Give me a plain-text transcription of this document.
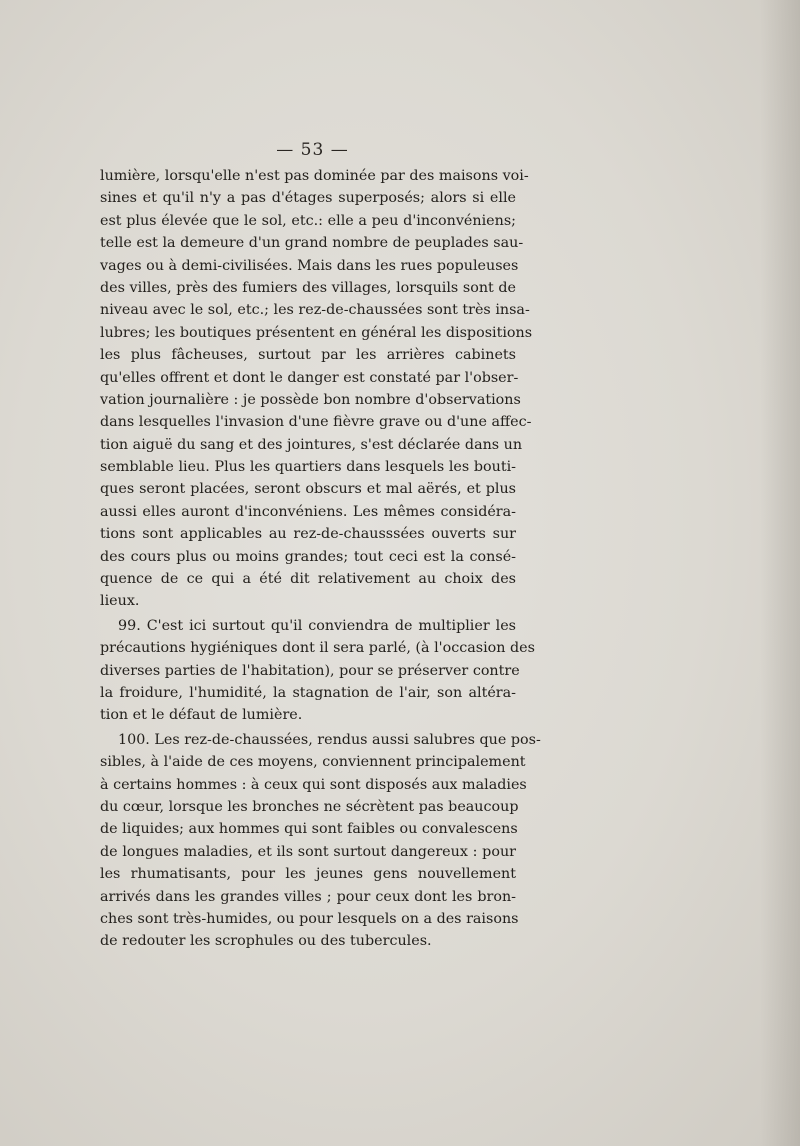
— 53 —
lumière, lorsqu'elle n'est pas dominée par des maisons voi-
sines et qu'il n'y a pas d'étages superposés; alors si elle
est plus élevée que le sol, etc.: elle a peu d'inconvéniens;
telle est la demeure d'un grand nombre de peuplades sau-
vages ou à demi-civilisées. Mais dans les rues populeuses
des villes, près des fumiers des villages, lorsquils sont de
niveau avec le sol, etc.; les rez-de-chaussées sont très insa-
lubres; les boutiques présentent en général les dispositions
les plus fâcheuses, surtout par les arrières cabinets
qu'elles offrent et dont le danger est constaté par l'obser-
vation journalière : je possède bon nombre d'observations
dans lesquelles l'invasion d'une fièvre grave ou d'une affec-
tion aiguë du sang et des jointures, s'est déclarée dans un
semblable lieu. Plus les quartiers dans lesquels les bouti-
ques seront placées, seront obscurs et mal aërés, et plus
aussi elles auront d'inconvéniens. Les mêmes considéra-
tions sont applicables au rez-de-chausssées ouverts sur
des cours plus ou moins grandes; tout ceci est la consé-
quence de ce qui a été dit relativement au choix des
lieux.
99. C'est ici surtout qu'il conviendra de multiplier les
précautions hygiéniques dont il sera parlé, (à l'occasion des
diverses parties de l'habitation), pour se préserver contre
la froidure, l'humidité, la stagnation de l'air, son altéra-
tion et le défaut de lumière.
100. Les rez-de-chaussées, rendus aussi salubres que pos-
sibles, à l'aide de ces moyens, conviennent principalement
à certains hommes : à ceux qui sont disposés aux maladies
du cœur, lorsque les bronches ne sécrètent pas beaucoup
de liquides; aux hommes qui sont faibles ou convalescens
de longues maladies, et ils sont surtout dangereux : pour
les rhumatisants, pour les jeunes gens nouvellement
arrivés dans les grandes villes ; pour ceux dont les bron-
ches sont très-humides, ou pour lesquels on a des raisons
de redouter les scrophules ou des tubercules.
